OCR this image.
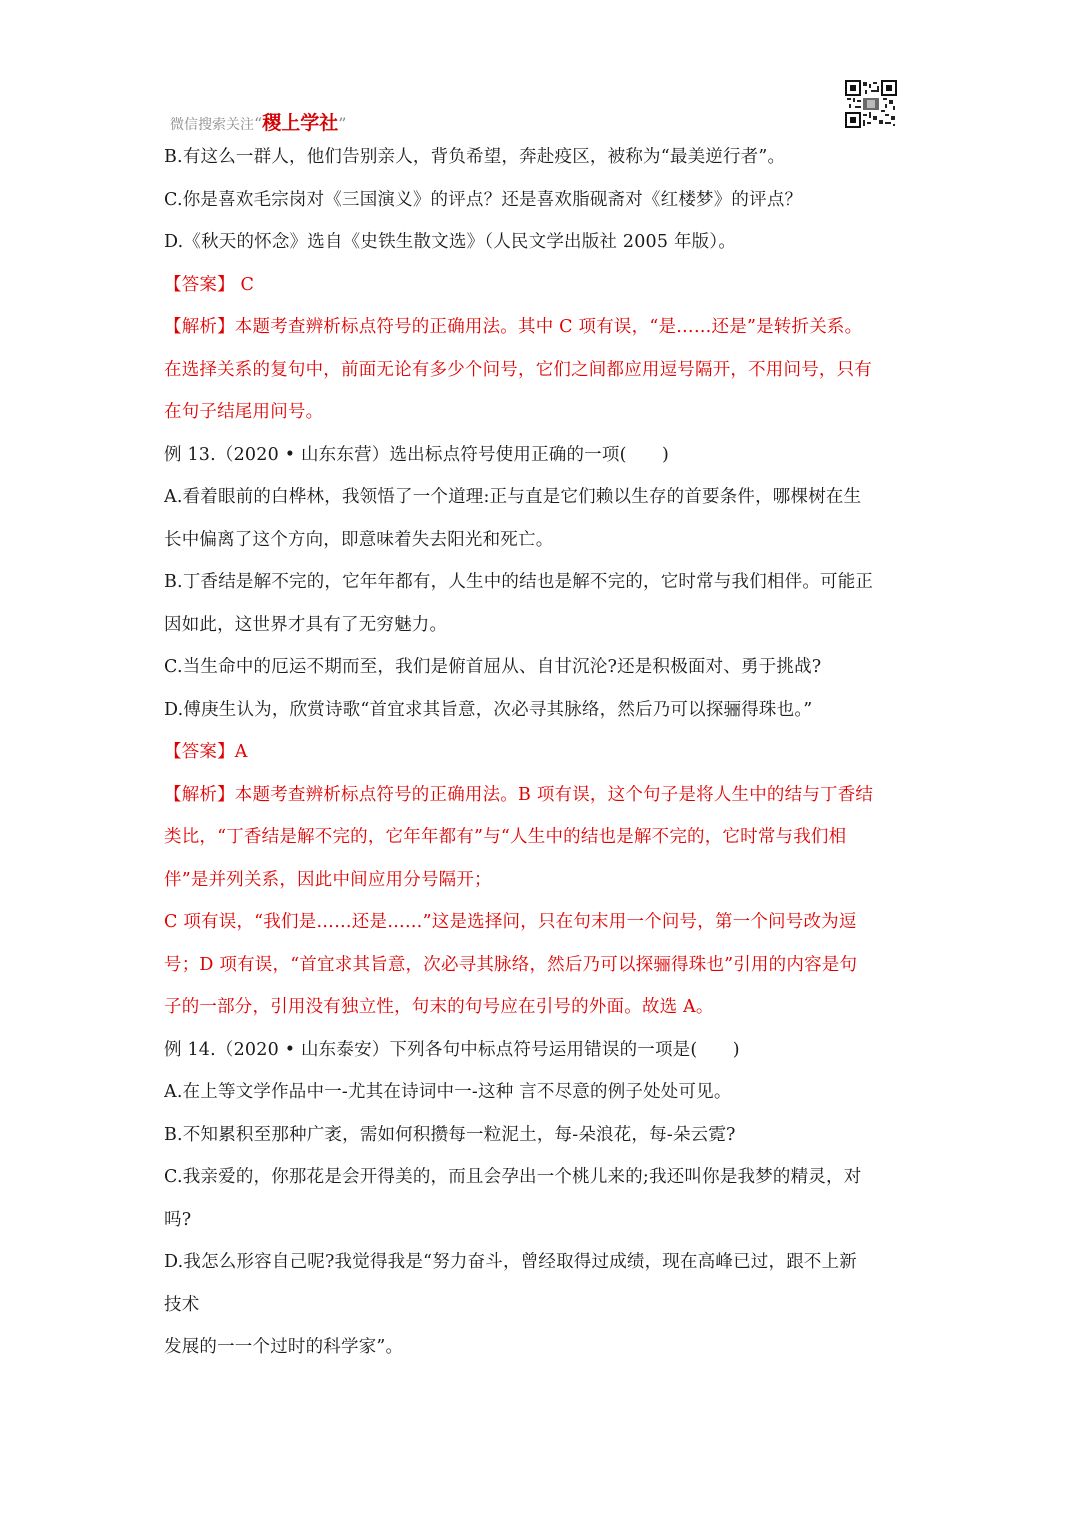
微信搜索关注“稷上学社”
B.有这么一群人，他们告别亲人，背负希望，奔赴疫区，被称为“最美逆行者”。
C.你是喜欢毛宗岗对《三国演义》的评点？还是喜欢脂砚斋对《红楼梦》的评点？
D.《秋天的怀念》选自《史铁生散文选》（人民文学出版社 2005 年版）。
【答案】 C
【解析】本题考查辨析标点符号的正确用法。其中 C 项有误，“是……还是”是转折关系。
在选择关系的复句中，前面无论有多少个问号，它们之间都应用逗号隔开，不用问号，只有
在句子结尾用问号。
例 13.（2020 • 山东东营）选出标点符号使用正确的一项(　　)
A.看着眼前的白桦林，我领悟了一个道理:正与直是它们赖以生存的首要条件，哪棵树在生
长中偏离了这个方向，即意味着失去阳光和死亡。
B.丁香结是解不完的，它年年都有，人生中的结也是解不完的，它时常与我们相伴。可能正
因如此，这世界才具有了无穷魅力。
C.当生命中的厄运不期而至，我们是俯首屈从、自甘沉沦?还是积极面对、勇于挑战?
D.傅庚生认为，欣赏诗歌“首宜求其旨意，次必寻其脉络，然后乃可以探骊得珠也。”
【答案】A
【解析】本题考查辨析标点符号的正确用法。B 项有误，这个句子是将人生中的结与丁香结
类比，“丁香结是解不完的，它年年都有”与“人生中的结也是解不完的，它时常与我们相
伴”是并列关系，因此中间应用分号隔开；
C 项有误，“我们是……还是……”这是选择问，只在句末用一个问号，第一个问号改为逗
号；D 项有误，“首宜求其旨意，次必寻其脉络，然后乃可以探骊得珠也”引用的内容是句
子的一部分，引用没有独立性，句末的句号应在引号的外面。故选 A。
例 14.（2020 • 山东泰安）下列各句中标点符号运用错误的一项是(　　)
A.在上等文学作品中一-尤其在诗词中一-这种 言不尽意的例子处处可见。
B.不知累积至那种广袤，需如何积攒每一粒泥土，每-朵浪花，每-朵云霓?
C.我亲爱的，你那花是会开得美的，而且会孕出一个桃儿来的;我还叫你是我梦的精灵，对
吗?
D.我怎么形容自己呢?我觉得我是“努力奋斗，曾经取得过成绩，现在高峰已过，跟不上新
技术
发展的一一个过时的科学家”。
